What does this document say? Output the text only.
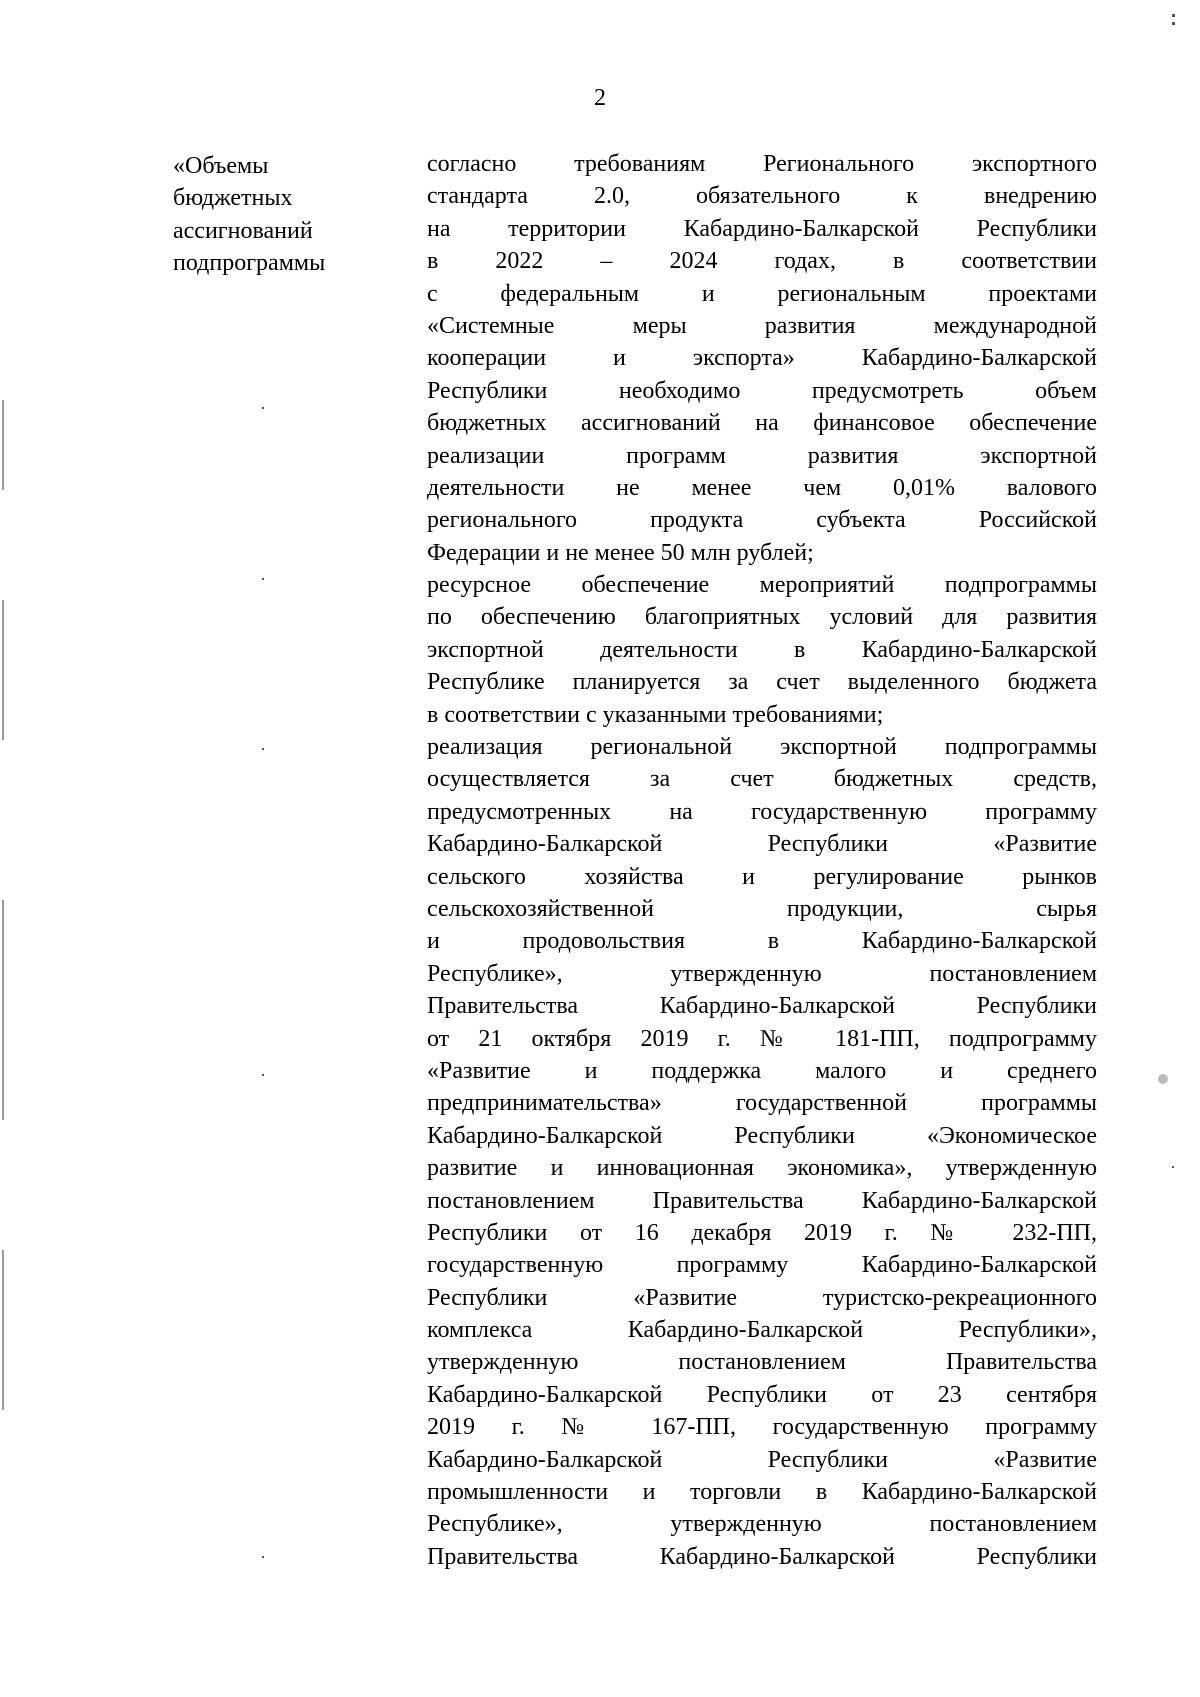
2
«Объемы
бюджетных
ассигнований
подпрограммы
согласно требованиям Регионального экспортного
стандарта 2.0, обязательного к внедрению
на территории Кабардино-Балкарской Республики
в 2022 – 2024 годах, в соответствии
с федеральным и региональным проектами
«Системные меры развития международной
кооперации и экспорта» Кабардино-Балкарской
Республики необходимо предусмотреть объем
бюджетных ассигнований на финансовое обеспечение
реализации программ развития экспортной
деятельности не менее чем 0,01% валового
регионального продукта субъекта Российской
Федерации и не менее 50 млн рублей;
ресурсное обеспечение мероприятий подпрограммы
по обеспечению благоприятных условий для развития
экспортной деятельности в Кабардино-Балкарской
Республике планируется за счет выделенного бюджета
в соответствии с указанными требованиями;
реализация региональной экспортной подпрограммы
осуществляется за счет бюджетных средств,
предусмотренных на государственную программу
Кабардино-Балкарской Республики «Развитие
сельского хозяйства и регулирование рынков
сельскохозяйственной продукции, сырья
и продовольствия в Кабардино-Балкарской
Республике», утвержденную постановлением
Правительства Кабардино-Балкарской Республики
от 21 октября 2019 г. № 181-ПП, подпрограмму
«Развитие и поддержка малого и среднего
предпринимательства» государственной программы
Кабардино-Балкарской Республики «Экономическое
развитие и инновационная экономика», утвержденную
постановлением Правительства Кабардино-Балкарской
Республики от 16 декабря 2019 г. № 232-ПП,
государственную программу Кабардино-Балкарской
Республики «Развитие туристско-рекреационного
комплекса Кабардино-Балкарской Республики»,
утвержденную постановлением Правительства
Кабардино-Балкарской Республики от 23 сентября
2019 г. № 167-ПП, государственную программу
Кабардино-Балкарской Республики «Развитие
промышленности и торговли в Кабардино-Балкарской
Республике», утвержденную постановлением
Правительства Кабардино-Балкарской Республики
